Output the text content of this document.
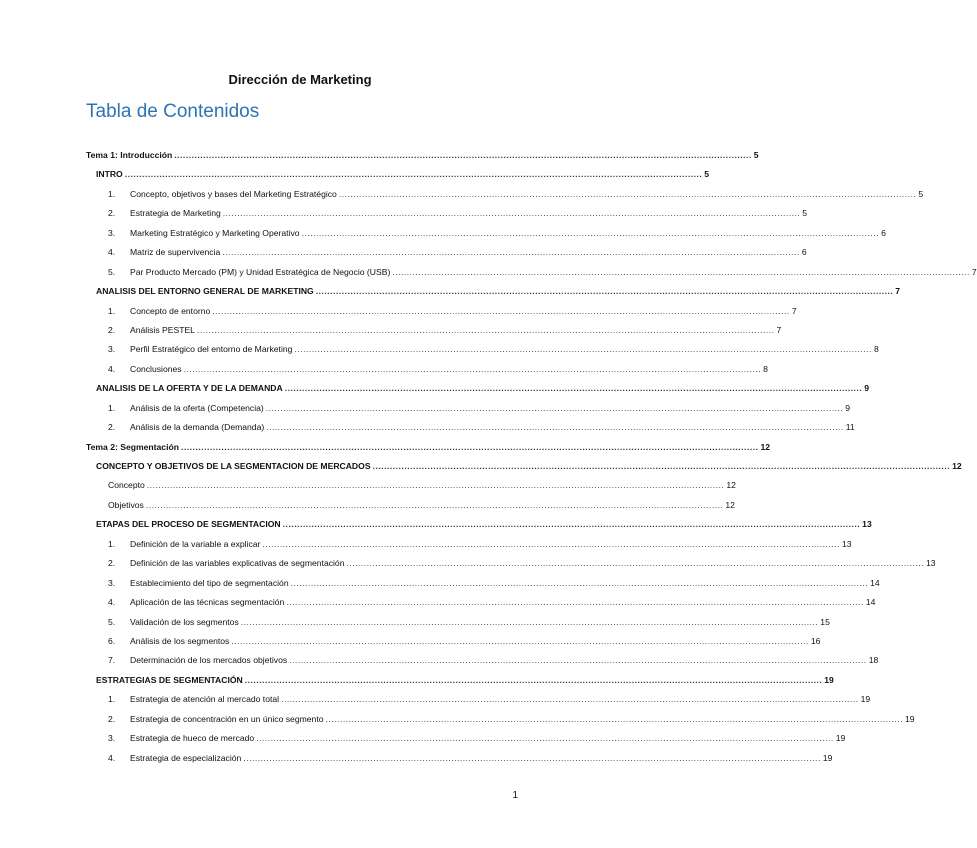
Dirección de Marketing
Tabla de Contenidos
Tema 1: Introducción ........................................................................................................................................................................................................ 5
INTRO ........................................................................................................................................................................................................ 5
1.	Concepto, objetivos y bases del Marketing Estratégico ........................................................................................................................................................................................................ 5
2.	Estrategia de Marketing ........................................................................................................................................................................................................ 5
3.	Marketing Estratégico y Marketing Operativo ........................................................................................................................................................................................................ 6
4.	Matriz de supervivencia ........................................................................................................................................................................................................ 6
5.	Par Producto Mercado (PM) y Unidad Estratégica de Negocio (USB) ........................................................................................................................................................................................................ 7
ANALISIS DEL ENTORNO GENERAL DE MARKETING ........................................................................................................................................................................................................ 7
1.	Concepto de entorno ........................................................................................................................................................................................................ 7
2.	Análisis PESTEL ........................................................................................................................................................................................................ 7
3.	Perfil Estratégico del entorno de Marketing ........................................................................................................................................................................................................ 8
4.	Conclusiones ........................................................................................................................................................................................................ 8
ANALISIS DE LA OFERTA Y DE LA DEMANDA ........................................................................................................................................................................................................ 9
1.	Análisis de la oferta (Competencia) ........................................................................................................................................................................................................ 9
2.	Análisis de la demanda (Demanda) ........................................................................................................................................................................................................ 11
Tema 2: Segmentación ........................................................................................................................................................................................................ 12
CONCEPTO Y OBJETIVOS DE LA SEGMENTACION DE MERCADOS ........................................................................................................................................................................................................ 12
Concepto ........................................................................................................................................................................................................ 12
Objetivos ........................................................................................................................................................................................................ 12
ETAPAS DEL PROCESO DE SEGMENTACION ........................................................................................................................................................................................................ 13
1.	Definición de la variable a explicar ........................................................................................................................................................................................................ 13
2.	Definición de las variables explicativas de segmentación ........................................................................................................................................................................................................ 13
3.	Establecimiento del tipo de segmentación ........................................................................................................................................................................................................ 14
4.	Aplicación de las técnicas segmentación ........................................................................................................................................................................................................ 14
5.	Validación de los segmentos ........................................................................................................................................................................................................ 15
6.	Análisis de los segmentos ........................................................................................................................................................................................................ 16
7.	Determinación de los mercados objetivos ........................................................................................................................................................................................................ 18
ESTRATEGIAS DE SEGMENTACIÓN ........................................................................................................................................................................................................ 19
1.	Estrategia de atención al mercado total ........................................................................................................................................................................................................ 19
2.	Estrategia de concentración en un único segmento ........................................................................................................................................................................................................ 19
3.	Estrategia de hueco de mercado ........................................................................................................................................................................................................ 19
4.	Estrategia de especialización ........................................................................................................................................................................................................ 19
1
